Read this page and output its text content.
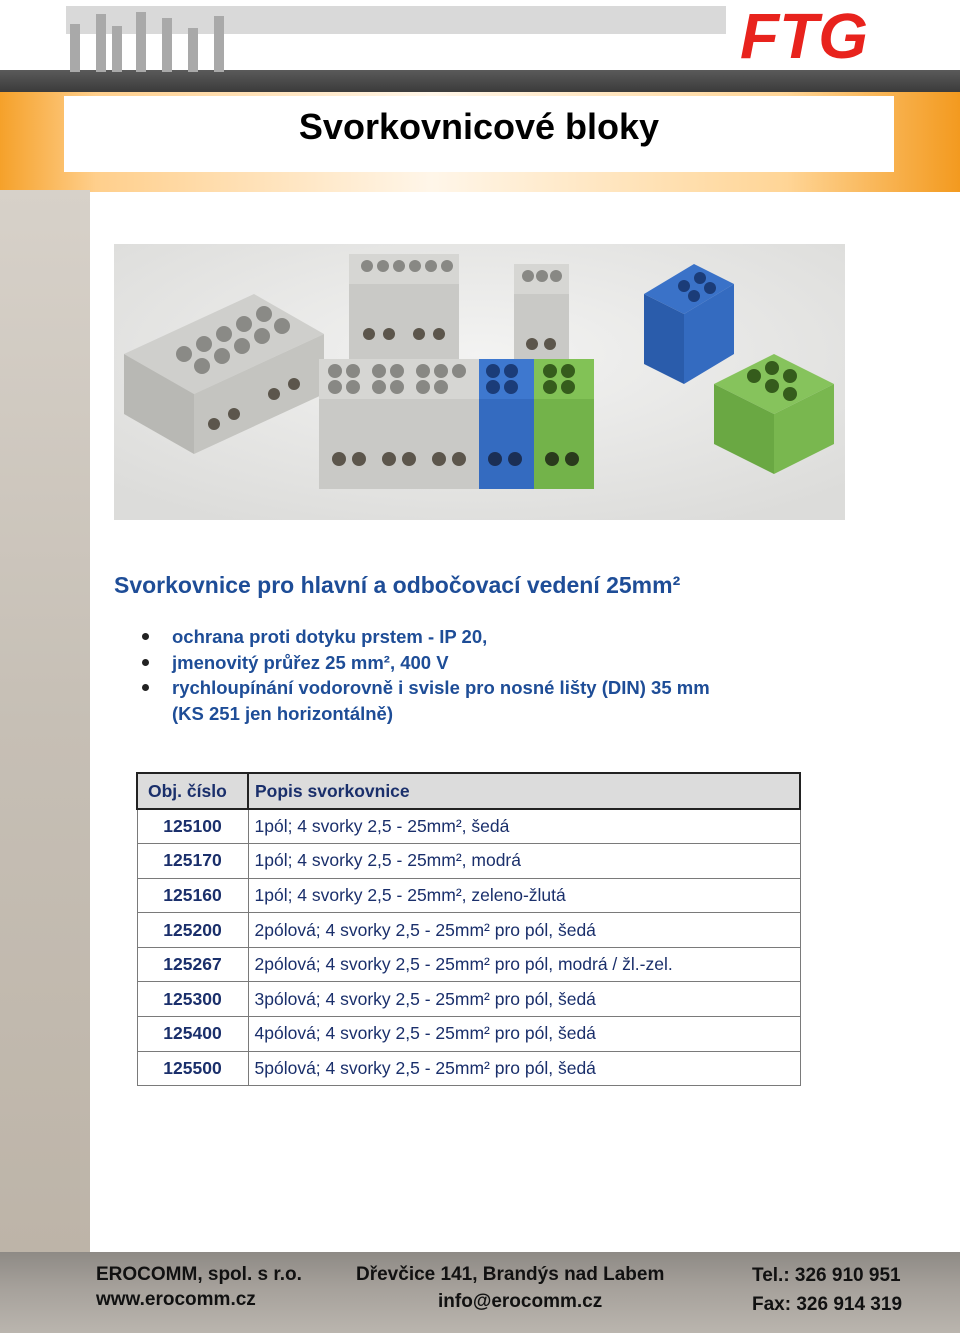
FTG
Svorkovnicové bloky
Svorkovnice pro hlavní a odbočovací vedení 25mm²
ochrana proti dotyku prstem - IP 20,
jmenovitý průřez 25 mm², 400 V
rychloupínání vodorovně i svisle pro nosné lišty (DIN) 35 mm
(KS 251 jen horizontálně)
Obj. číslo	Popis svorkovnice
125100	1pól; 4 svorky 2,5 - 25mm², šedá
125170	1pól; 4 svorky 2,5 - 25mm², modrá
125160	1pól; 4 svorky 2,5 - 25mm², zeleno-žlutá
125200	2pólová; 4 svorky 2,5 - 25mm² pro pól, šedá
125267	2pólová; 4 svorky 2,5 - 25mm² pro pól, modrá / žl.-zel.
125300	3pólová; 4 svorky 2,5 - 25mm² pro pól, šedá
125400	4pólová; 4 svorky 2,5 - 25mm² pro pól, šedá
125500	5pólová; 4 svorky 2,5 - 25mm² pro pól, šedá
EROCOMM, spol. s r.o.
www.erocomm.cz
Dřevčice 141, Brandýs nad Labem
info@erocomm.cz
Tel.: 326 910 951
Fax: 326 914 319
